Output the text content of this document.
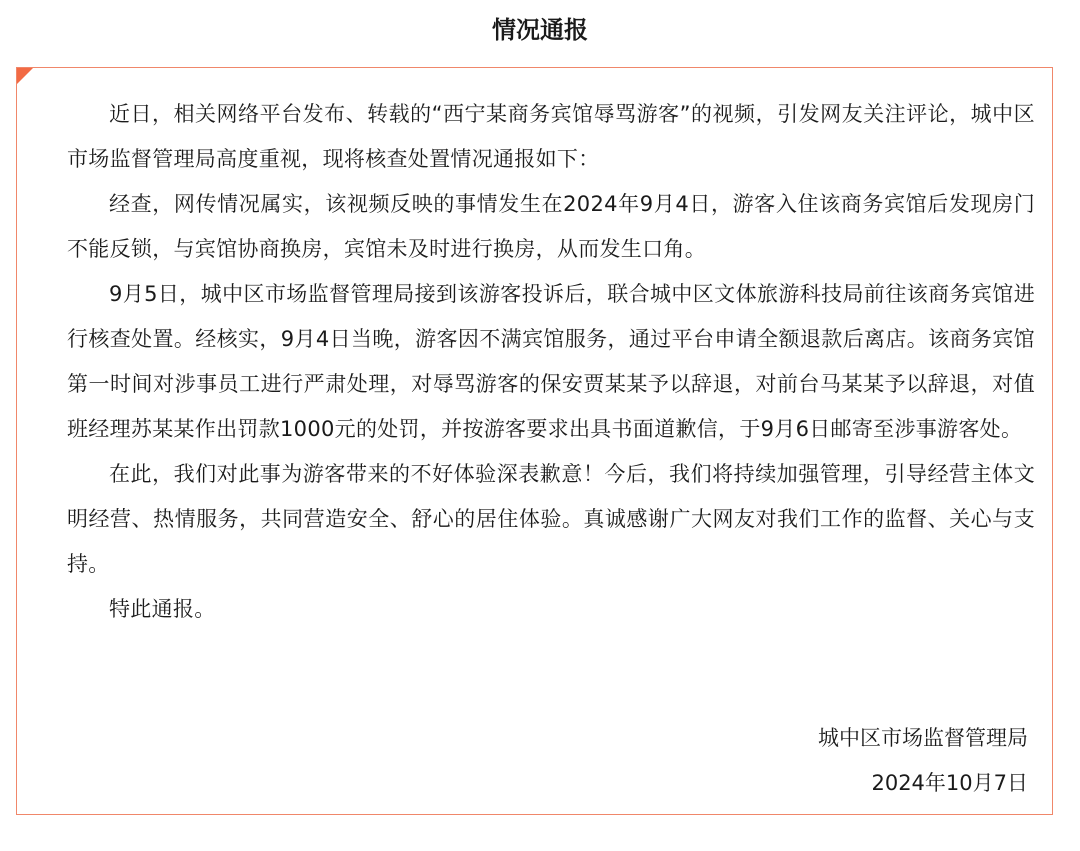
情况通报

近日，相关网络平台发布、转载的“西宁某商务宾馆辱骂游客”的视频，引发网友关注评论，城中区市场监督管理局高度重视，现将核查处置情况通报如下：

经查，网传情况属实，该视频反映的事情发生在2024年9月4日，游客入住该商务宾馆后发现房门不能反锁，与宾馆协商换房，宾馆未及时进行换房，从而发生口角。

9月5日，城中区市场监督管理局接到该游客投诉后，联合城中区文体旅游科技局前往该商务宾馆进行核查处置。经核实，9月4日当晚，游客因不满宾馆服务，通过平台申请全额退款后离店。该商务宾馆第一时间对涉事员工进行严肃处理，对辱骂游客的保安贾某某予以辞退，对前台马某某予以辞退，对值班经理苏某某作出罚款1000元的处罚，并按游客要求出具书面道歉信，于9月6日邮寄至涉事游客处。

在此，我们对此事为游客带来的不好体验深表歉意！今后，我们将持续加强管理，引导经营主体文明经营、热情服务，共同营造安全、舒心的居住体验。真诚感谢广大网友对我们工作的监督、关心与支持。

特此通报。

城中区市场监督管理局
2024年10月7日
